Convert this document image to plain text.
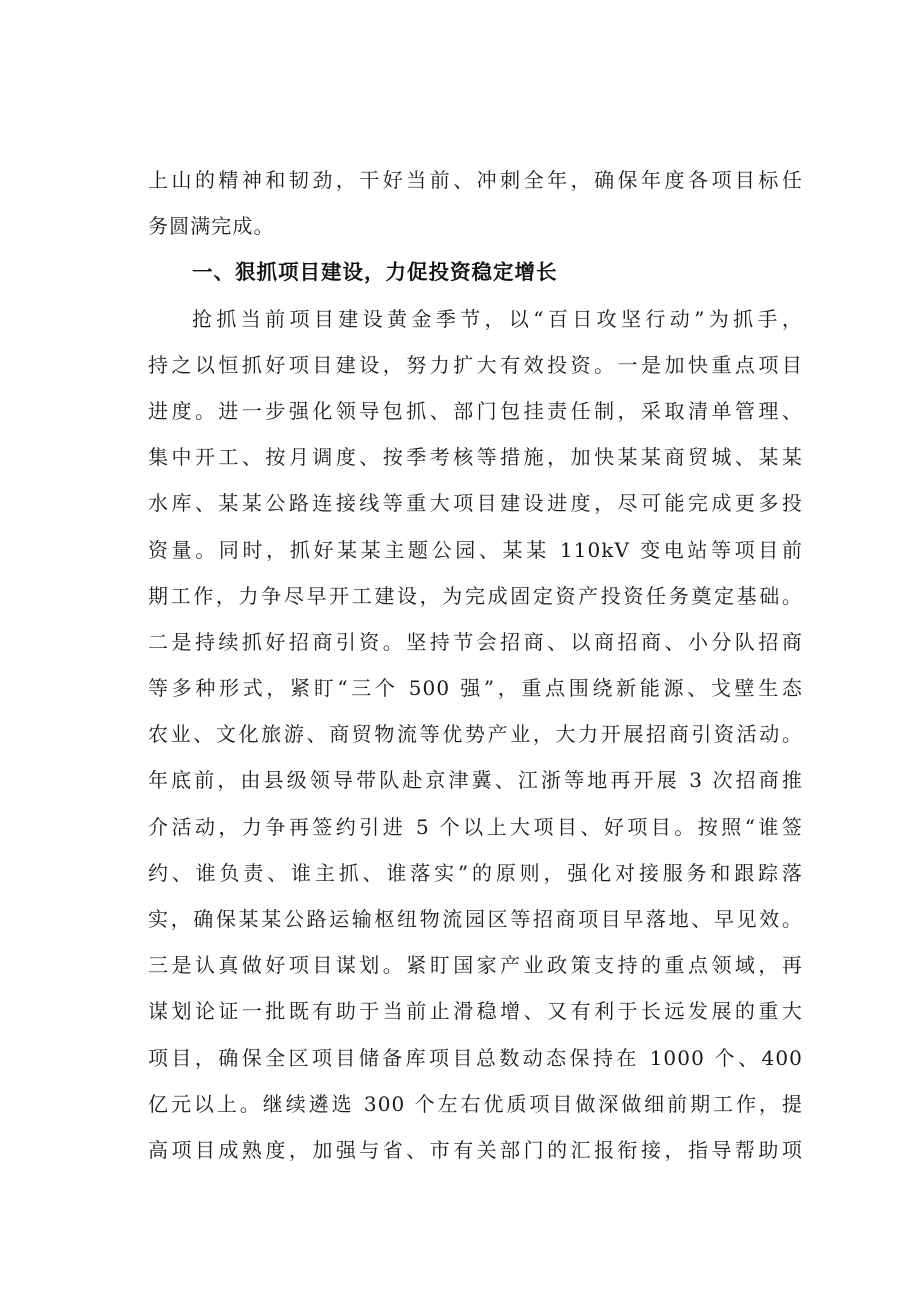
上山的精神和韧劲，干好当前、冲刺全年，确保年度各项目标任
务圆满完成。
一、狠抓项目建设，力促投资稳定增长
抢抓当前项目建设黄金季节，以“百日攻坚行动”为抓手，
持之以恒抓好项目建设，努力扩大有效投资。一是加快重点项目
进度。进一步强化领导包抓、部门包挂责任制，采取清单管理、
集中开工、按月调度、按季考核等措施，加快某某商贸城、某某
水库、某某公路连接线等重大项目建设进度，尽可能完成更多投
资量。同时，抓好某某主题公园、某某 110kV 变电站等项目前
期工作，力争尽早开工建设，为完成固定资产投资任务奠定基础。
二是持续抓好招商引资。坚持节会招商、以商招商、小分队招商
等多种形式，紧盯“三个 500 强”，重点围绕新能源、戈壁生态
农业、文化旅游、商贸物流等优势产业，大力开展招商引资活动。
年底前，由县级领导带队赴京津冀、江浙等地再开展 3 次招商推
介活动，力争再签约引进 5 个以上大项目、好项目。按照“谁签
约、谁负责、谁主抓、谁落实”的原则，强化对接服务和跟踪落
实，确保某某公路运输枢纽物流园区等招商项目早落地、早见效。
三是认真做好项目谋划。紧盯国家产业政策支持的重点领域，再
谋划论证一批既有助于当前止滑稳增、又有利于长远发展的重大
项目，确保全区项目储备库项目总数动态保持在 1000 个、400
亿元以上。继续遴选 300 个左右优质项目做深做细前期工作，提
高项目成熟度，加强与省、市有关部门的汇报衔接，指导帮助项
